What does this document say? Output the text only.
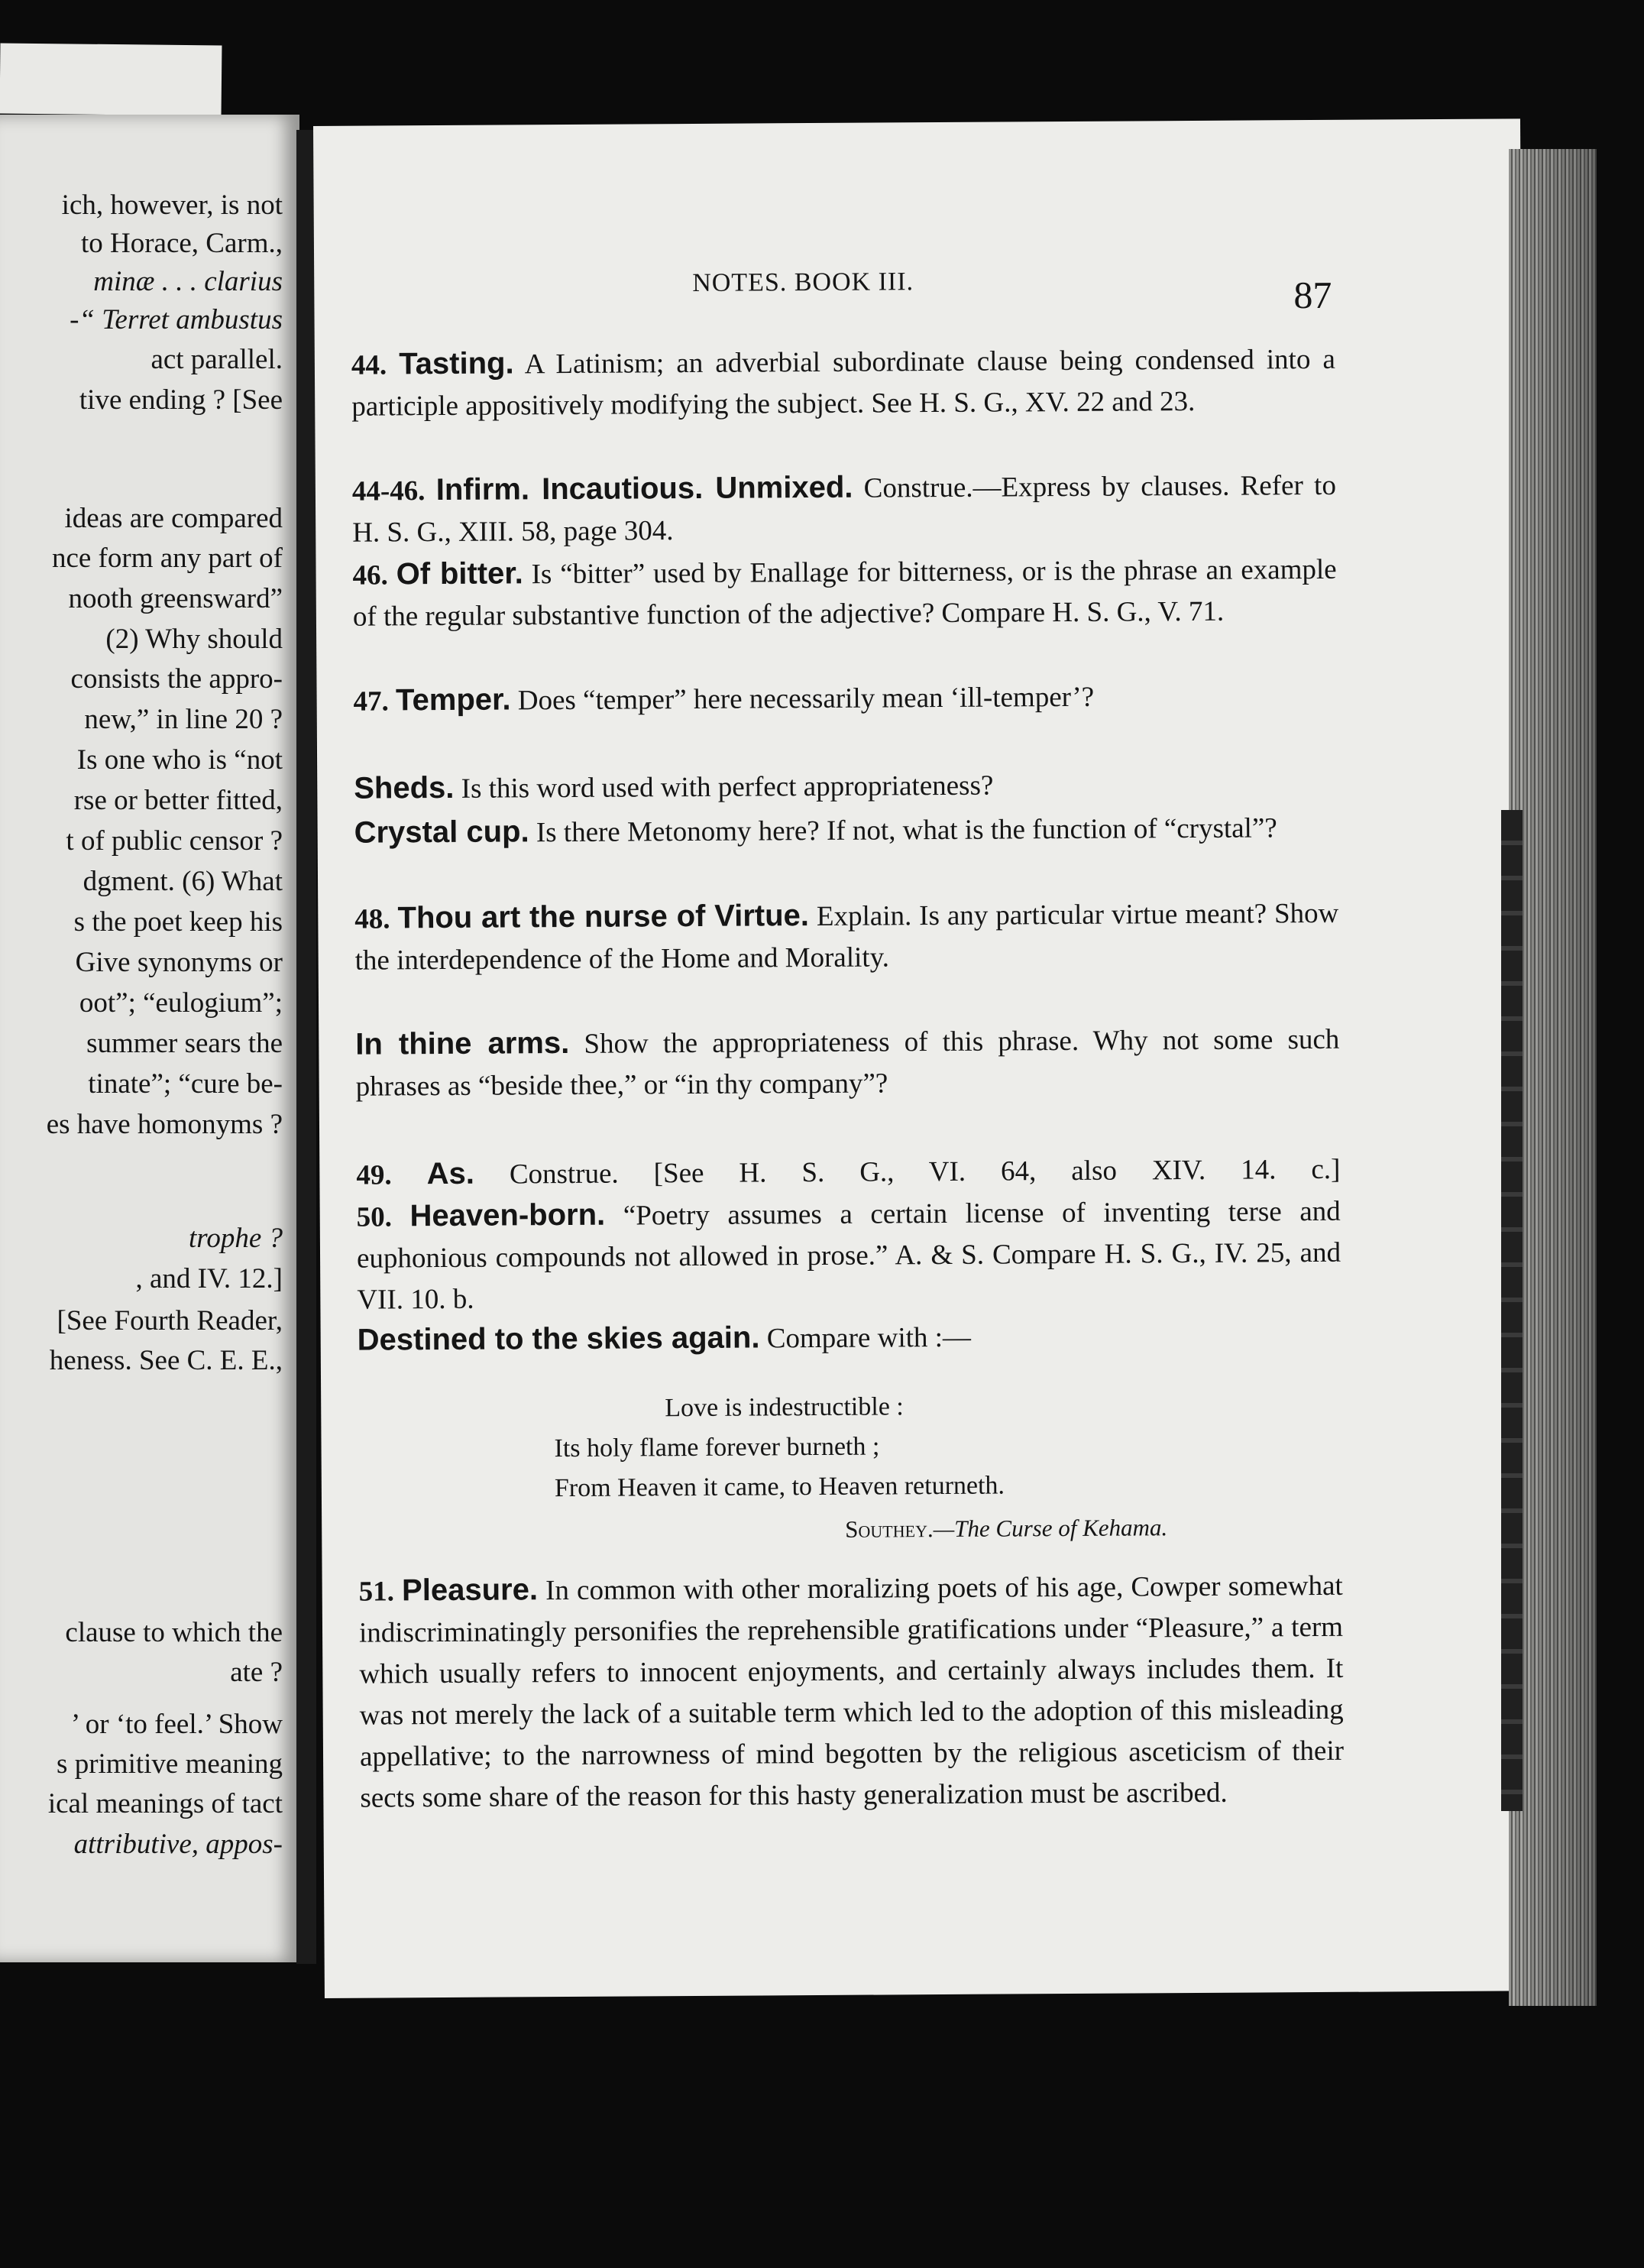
ich, however, is not
to Horace, Carm.,
minæ . . . clarius
-“ Terret ambustus
act parallel.
tive ending ? [See
ideas are compared
nce form any part of
nooth greensward”
(2) Why should
consists the appro-
new,” in line 20 ?
Is one who is “not
rse or better fitted,
t of public censor ?
dgment. (6) What
s the poet keep his
Give synonyms or
oot”; “eulogium”;
summer sears the
tinate”; “cure be-
es have homonyms ?
trophe ?
, and IV. 12.]
[See Fourth Reader,
heness. See C. E. E.,
clause to which the
ate ?
’ or ‘to feel.’ Show
s primitive meaning
ical meanings of tact
attributive, appos-
NOTES. BOOK III.	87
44. Tasting. A Latinism; an adverbial subordinate clause being condensed into a participle appositively modifying the subject. See H. S. G., XV. 22 and 23.
44-46. Infirm. Incautious. Unmixed. Construe.—Express by clauses. Refer to H. S. G., XIII. 58, page 304.
46. Of bitter. Is “bitter” used by Enallage for bitterness, or is the phrase an example of the regular substantive function of the adjective? Compare H. S. G., V. 71.
47. Temper. Does “temper” here necessarily mean ‘ill-temper’?
Sheds. Is this word used with perfect appropriateness?
Crystal cup. Is there Metonomy here? If not, what is the function of “crystal”?
48. Thou art the nurse of Virtue. Explain. Is any particular virtue meant? Show the interdependence of the Home and Morality.
In thine arms. Show the appropriateness of this phrase. Why not some such phrases as “beside thee,” or “in thy company”?
49. As. Construe. [See H. S. G., VI. 64, also XIV. 14. c.]
50. Heaven-born. “Poetry assumes a certain license of inventing terse and euphonious compounds not allowed in prose.” A. & S. Compare H. S. G., IV. 25, and VII. 10. b.
Destined to the skies again. Compare with :—
Love is indestructible :
Its holy flame forever burneth ;
From Heaven it came, to Heaven returneth.
Southey.—The Curse of Kehama.
51. Pleasure. In common with other moralizing poets of his age, Cowper somewhat indiscriminatingly personifies the reprehensible gratifications under “Pleasure,” a term which usually refers to innocent enjoyments, and certainly always includes them. It was not merely the lack of a suitable term which led to the adoption of this misleading appellative; to the narrowness of mind begotten by the religious asceticism of their sects some share of the reason for this hasty generalization must be ascribed.
